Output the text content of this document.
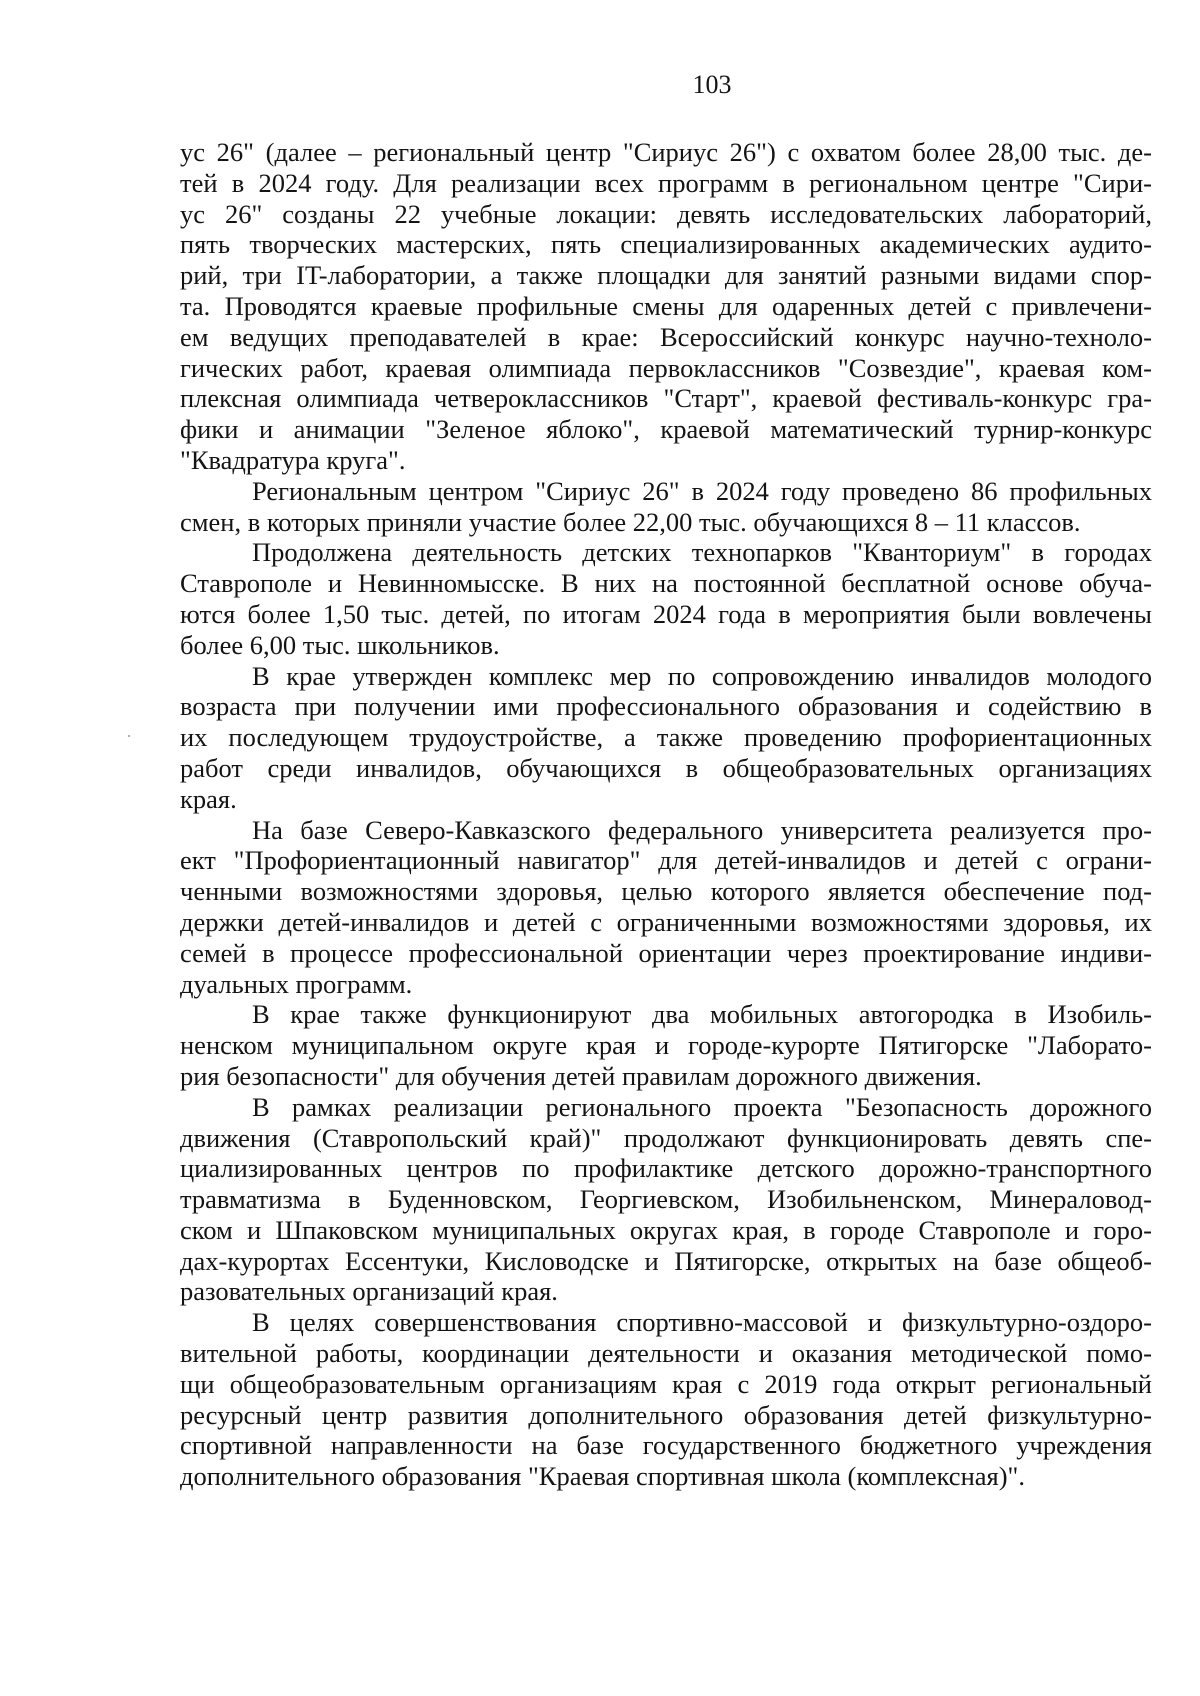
103
ус 26" (далее – региональный центр "Сириус 26") с охватом более 28,00 тыс. де-
тей в 2024 году. Для реализации всех программ в региональном центре "Сири-
ус 26" созданы 22 учебные локации: девять исследовательских лабораторий,
пять творческих мастерских, пять специализированных академических аудито-
рий, три IT-лаборатории, а также площадки для занятий разными видами спор-
та. Проводятся краевые профильные смены для одаренных детей с привлечени-
ем ведущих преподавателей в крае: Всероссийский конкурс научно-техноло-
гических работ, краевая олимпиада первоклассников "Созвездие", краевая ком-
плексная олимпиада четвероклассников "Старт", краевой фестиваль-конкурс гра-
фики и анимации "Зеленое яблоко", краевой математический турнир-конкурс
"Квадратура круга".
Региональным центром "Сириус 26" в 2024 году проведено 86 профильных
смен, в которых приняли участие более 22,00 тыс. обучающихся 8 – 11 классов.
Продолжена деятельность детских технопарков "Кванториум" в городах
Ставрополе и Невинномысске. В них на постоянной бесплатной основе обуча-
ются более 1,50 тыс. детей, по итогам 2024 года в мероприятия были вовлечены
более 6,00 тыс. школьников.
В крае утвержден комплекс мер по сопровождению инвалидов молодого
возраста при получении ими профессионального образования и содействию в
их последующем трудоустройстве, а также проведению профориентационных
работ среди инвалидов, обучающихся в общеобразовательных организациях
края.
На базе Северо-Кавказского федерального университета реализуется про-
ект "Профориентационный навигатор" для детей-инвалидов и детей с ограни-
ченными возможностями здоровья, целью которого является обеспечение под-
держки детей-инвалидов и детей с ограниченными возможностями здоровья, их
семей в процессе профессиональной ориентации через проектирование индиви-
дуальных программ.
В крае также функционируют два мобильных автогородка в Изобиль-
ненском муниципальном округе края и городе-курорте Пятигорске "Лаборато-
рия безопасности" для обучения детей правилам дорожного движения.
В рамках реализации регионального проекта "Безопасность дорожного
движения (Ставропольский край)" продолжают функционировать девять спе-
циализированных центров по профилактике детского дорожно-транспортного
травматизма в Буденновском, Георгиевском, Изобильненском, Минераловод-
ском и Шпаковском муниципальных округах края, в городе Ставрополе и горо-
дах-курортах Ессентуки, Кисловодске и Пятигорске, открытых на базе общеоб-
разовательных организаций края.
В целях совершенствования спортивно-массовой и физкультурно-оздоро-
вительной работы, координации деятельности и оказания методической помо-
щи общеобразовательным организациям края с 2019 года открыт региональный
ресурсный центр развития дополнительного образования детей физкультурно-
спортивной направленности на базе государственного бюджетного учреждения
дополнительного образования "Краевая спортивная школа (комплексная)".
